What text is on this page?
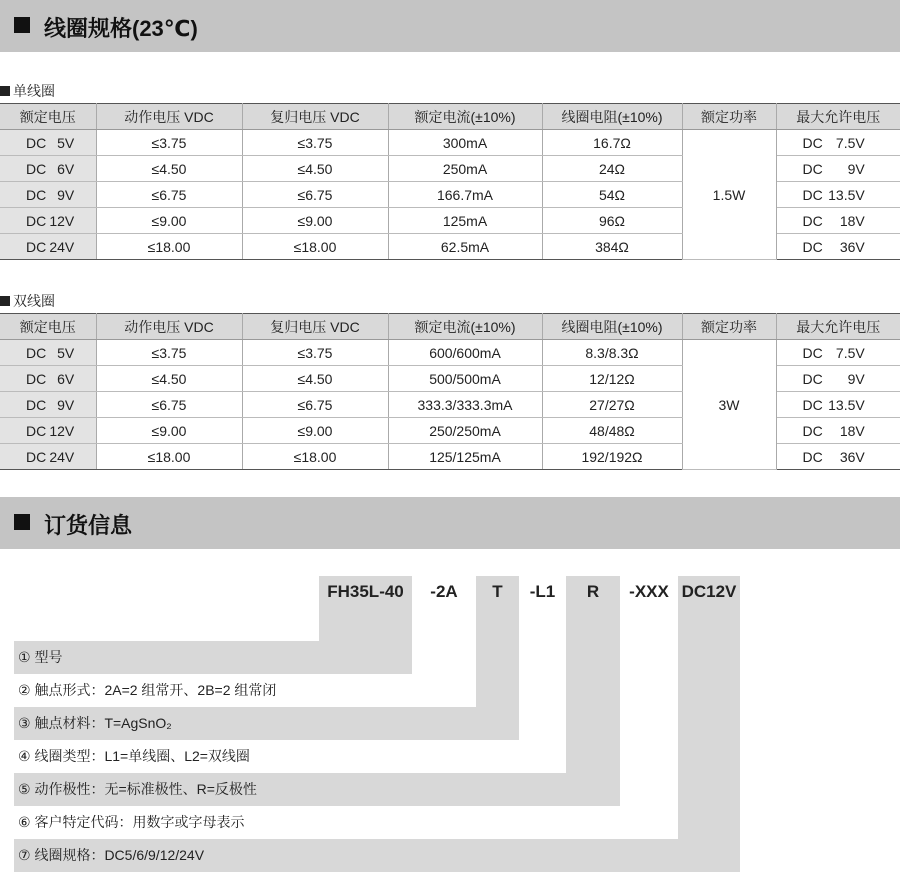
线圈规格(23℃)
单线圈
额定电压	动作电压 VDC	复归电压 VDC	额定电流(±10%)	线圈电阻(±10%)	额定功率	最大允许电压
DC 5V	≤3.75	≤3.75	300mA	16.7Ω	1.5W	DC 7.5V
DC 6V	≤4.50	≤4.50	250mA	24Ω		DC 9V
DC 9V	≤6.75	≤6.75	166.7mA	54Ω		DC 13.5V
DC 12V	≤9.00	≤9.00	125mA	96Ω		DC 18V
DC 24V	≤18.00	≤18.00	62.5mA	384Ω		DC 36V
双线圈
额定电压	动作电压 VDC	复归电压 VDC	额定电流(±10%)	线圈电阻(±10%)	额定功率	最大允许电压
DC 5V	≤3.75	≤3.75	600/600mA	8.3/8.3Ω	3W	DC 7.5V
DC 6V	≤4.50	≤4.50	500/500mA	12/12Ω		DC 9V
DC 9V	≤6.75	≤6.75	333.3/333.3mA	27/27Ω		DC 13.5V
DC 12V	≤9.00	≤9.00	250/250mA	48/48Ω		DC 18V
DC 24V	≤18.00	≤18.00	125/125mA	192/192Ω		DC 36V
订货信息
FH35L-40	-2A	T	-L1	R	-XXX DC12V
① 型号
② 触点形式：2A=2 组常开、2B=2 组常闭
③ 触点材料：T=AgSnO₂
④ 线圈类型：L1=单线圈、L2=双线圈
⑤ 动作极性：无=标准极性、R=反极性
⑥ 客户特定代码：用数字或字母表示
⑦ 线圈规格：DC5/6/9/12/24V
